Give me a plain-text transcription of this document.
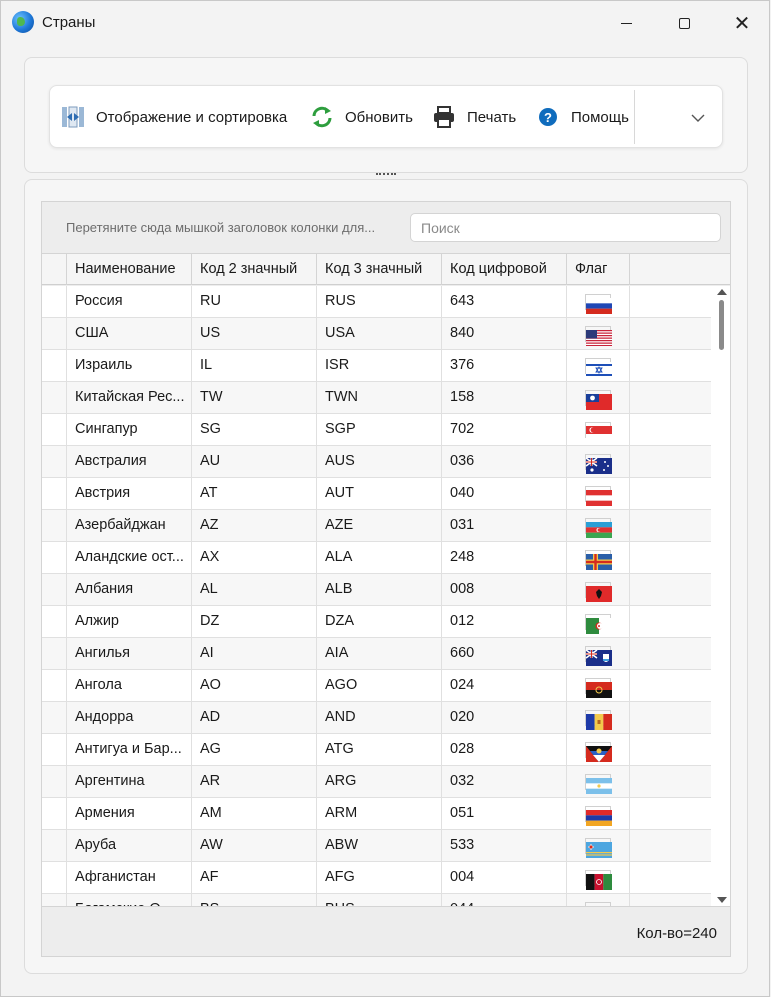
Страны	✕
Отображение и сортировка	Обновить	Печать ? Помощь
Перетяните сюда мышкой заголовок колонки для...	Поиск
Наименование	Код 2 значный	Код 3 значный	Код цифровой	Флаг
Россия	RU	RUS	643
США	US	USA	840
Израиль	IL	ISR	376
Китайская Рес...	TW	TWN	158
Сингапур	SG	SGP	702
Австралия	AU	AUS	036
Австрия	AT	AUT	040
Азербайджан	AZ	AZE	031
Аландские ост...	AX	ALA	248
Албания	AL	ALB	008
Алжир	DZ	DZA	012
Ангилья	AI	AIA	660
Ангола	AO	AGO	024
Андорра	AD	AND	020
Антигуа и Бар...	AG	ATG	028
Аргентина	AR	ARG	032
Армения	AM	ARM	051
Аруба	AW	ABW	533
Афганистан	AF	AFG	004
Кол-во=240
